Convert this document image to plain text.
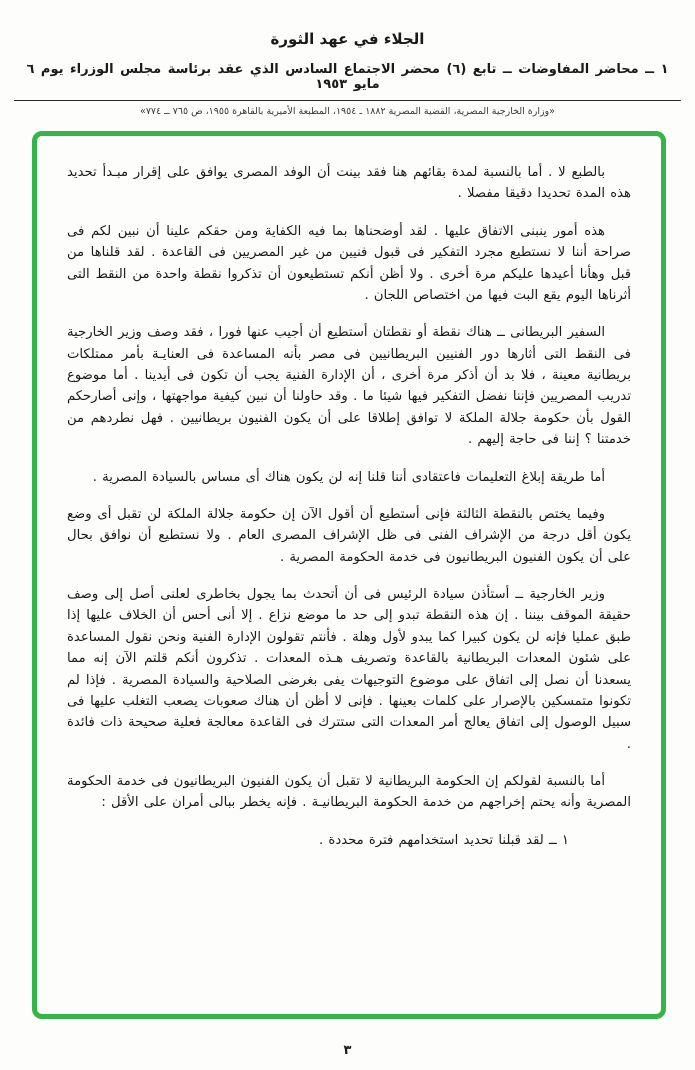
الجلاء في عهد الثورة
١ ــ محاضر المفاوضات ــ تابع (٦) محضر الاجتماع السادس الذي عقد برئاسة مجلس الوزراء يوم ٦ مايو ١٩٥٣
«وزارة الخارجية المصرية، القضية المصرية ١٨٨٢ ـ ١٩٥٤، المطبعة الأميرية بالقاهرة ١٩٥٥، ص ٧٦٥ ــ ٧٧٤»

بالطبع لا . أما بالنسبة لمدة بقائهم هنا فقد بينت أن الوفد المصرى يوافق على إقرار مبـدأ تحديد هذه المدة تحديدا دقيقا مفصلا .

هذه أمور ينبنى الاتفاق عليها . لقد أوضحناها بما فيه الكفاية ومن حقكم علينا أن نبين لكم فى صراحة أننا لا نستطيع مجرد التفكير فى قبول فنيين من غير المصريين فى القاعدة . لقد قلناها من قبل وهأنا أعيدها عليكم مرة أخرى . ولا أظن أنكم تستطيعون أن تذكروا نقطة واحدة من النقط التى أثرناها اليوم يقع البت فيها من اختصاص اللجان .

السفير البريطانى ــ هناك نقطة أو نقطتان أستطيع أن أجيب عنها فورا ، فقد وصف وزير الخارجية فى النقط التى أثارها دور الفنيين البريطانيين فى مصر بأنه المساعدة فى العنايـة بأمر ممتلكات بريطانية معينة ، فلا بد أن أذكر مرة أخرى ، أن الإدارة الفنية يجب أن تكون فى أيدينا . أما موضوع تدريب المصريين فإننا نفضل التفكير فيها شيئا ما . وقد حاولنا أن نبين كيفية مواجهتها ، وإنى أصارحكم القول بأن حكومة جلالة الملكة لا توافق إطلاقا على أن يكون الفنيون بريطانيين . فهل نطردهم من خدمتنا ؟ إننا فى حاجة إليهم .

أما طريقة إبلاغ التعليمات فاعتقادى أننا قلنا إنه لن يكون هناك أى مساس بالسيادة المصرية .

وفيما يختص بالنقطة الثالثة فإنى أستطيع أن أقول الآن إن حكومة جلالة الملكة لن تقبل أى وضع يكون أقل درجة من الإشراف الفنى فى ظل الإشراف المصرى العام . ولا نستطيع أن نوافق بحال على أن يكون الفنيون البريطانيون فى خدمة الحكومة المصرية .

وزير الخارجية ــ أستأذن سيادة الرئيس فى أن أتحدث بما يجول بخاطرى لعلنى أصل إلى وصف حقيقة الموقف بيننا . إن هذه النقطة تبدو إلى حد ما موضع نزاع . إلا أنى أحس أن الخلاف عليها إذا طبق عمليا فإنه لن يكون كبيرا كما يبدو لأول وهلة . فأنتم تقولون الإدارة الفنية ونحن نقول المساعدة على شئون المعدات البريطانية بالقاعدة وتصريف هـذه المعدات . تذكرون أنكم قلتم الآن إنه مما يسعدنا أن نصل إلى اتفاق على موضوع التوجيهات يفى بغرضى الصلاحية والسيادة المصرية . فإذا لم تكونوا متمسكين بالإصرار على كلمات بعينها . فإنى لا أظن أن هناك صعوبات يصعب التغلب عليها فى سبيل الوصول إلى اتفاق يعالج أمر المعدات التى ستترك فى القاعدة معالجة فعلية صحيحة ذات فائدة .

أما بالنسبة لقولكم إن الحكومة البريطانية لا تقبل أن يكون الفنيون البريطانيون فى خدمة الحكومة المصرية وأنه يحتم إخراجهم من خدمة الحكومة البريطانيـة . فإنه يخطر ببالى أمران على الأقل :

١ ــ لقد قبلنا تحديد استخدامهم فترة محددة .

٣
